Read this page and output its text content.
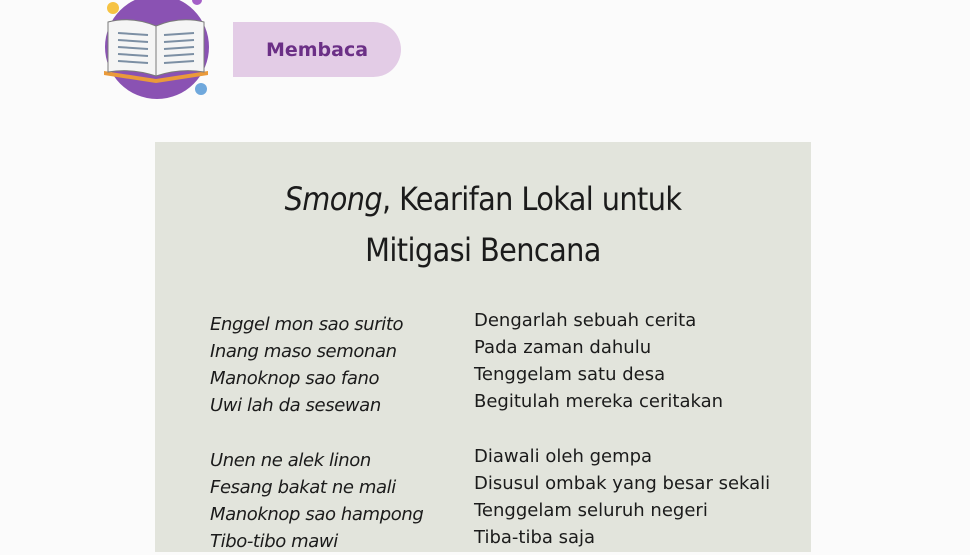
Membaca
Smong, Kearifan Lokal untuk
Mitigasi Bencana
Enggel mon sao surito
Inang maso semonan
Manoknop sao fano
Uwi lah da sesewan
Dengarlah sebuah cerita
Pada zaman dahulu
Tenggelam satu desa
Begitulah mereka ceritakan
Unen ne alek linon
Fesang bakat ne mali
Manoknop sao hampong
Tibo-tibo mawi
Diawali oleh gempa
Disusul ombak yang besar sekali
Tenggelam seluruh negeri
Tiba-tiba saja
